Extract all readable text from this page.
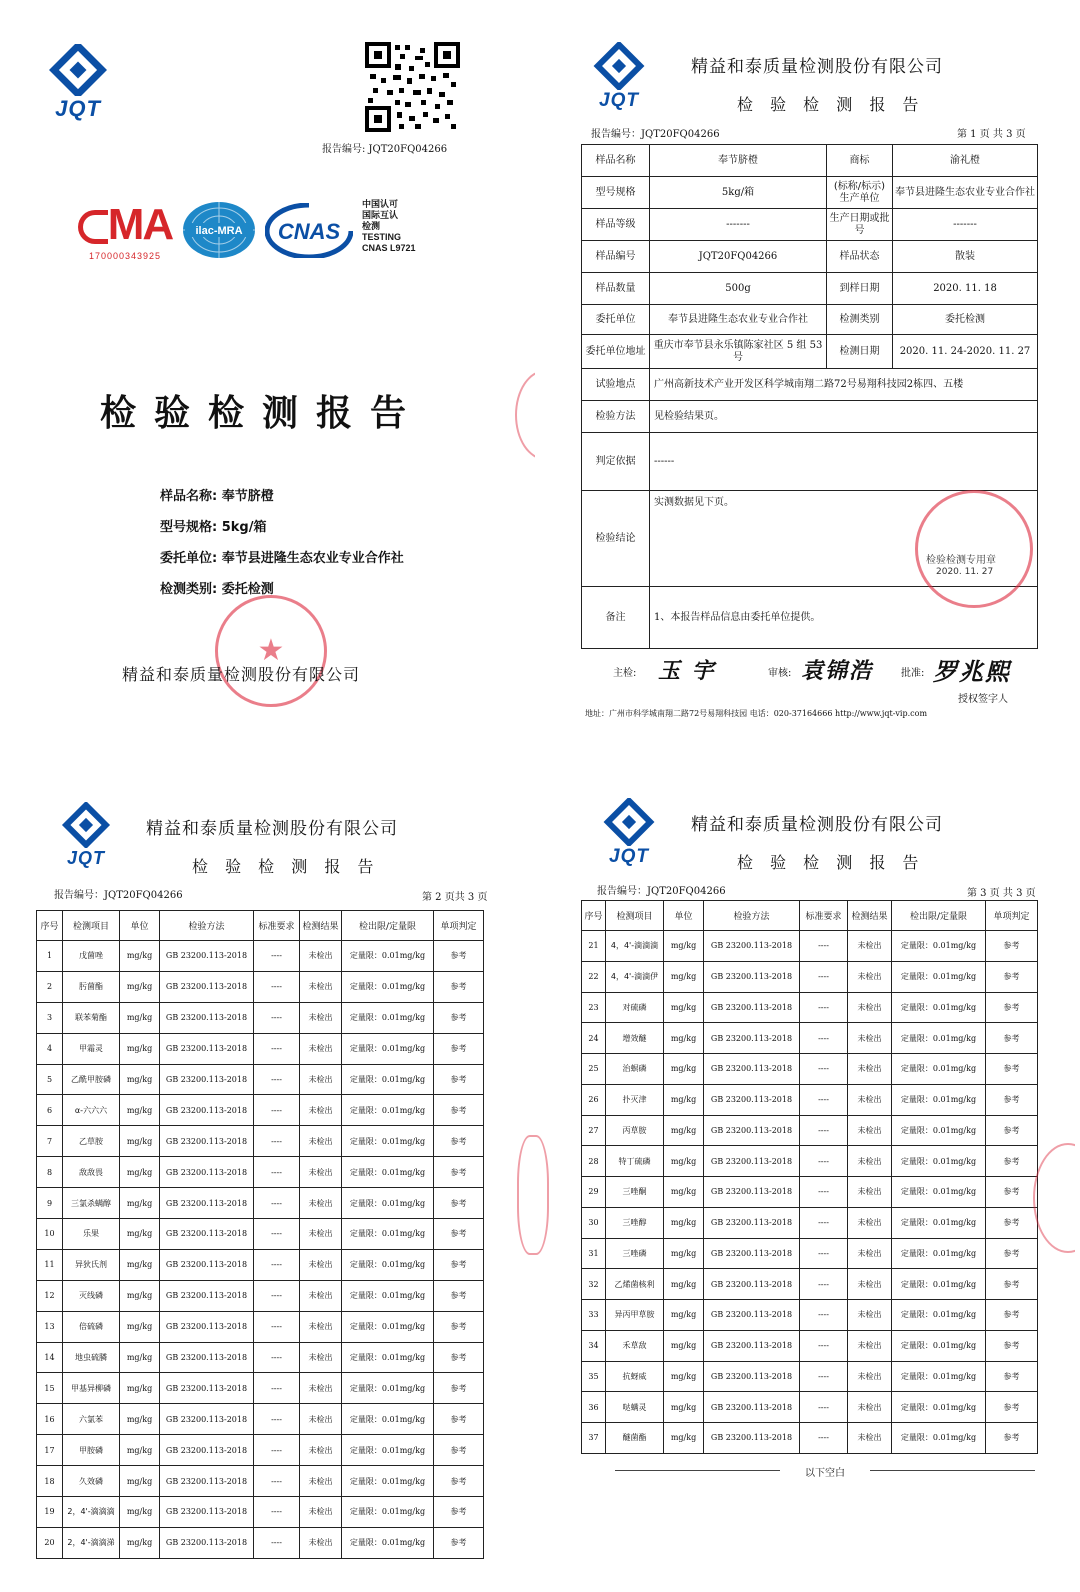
JQT
报告编号: JQT20FQ04266
MA
170000343925
ilac-MRA CNAS
中国认可
国际互认
检测
TESTING
CNAS L9721
检验检测报告
样品名称: 奉节脐橙
型号规格: 5kg/箱
委托单位: 奉节县进隆生态农业专业合作社
检测类别: 委托检测
★
精益和泰质量检测股份有限公司
JQT
精益和泰质量检测股份有限公司
检 验 检 测 报 告
报告编号：JQT20FQ04266	第 1 页 共 3 页
样品名称	奉节脐橙	商标	渝礼橙
型号规格	5kg/箱	(标称/标示)生产单位	奉节县进隆生态农业专业合作社
样品等级	-------	生产日期或批号	-------
样品编号	JQT20FQ04266	样品状态	散装
样品数量	500g	到样日期	2020. 11. 18
委托单位	奉节县进隆生态农业专业合作社	检测类别	委托检测
委托单位地址	重庆市奉节县永乐镇陈家社区 5 组 53 号	检测日期	2020. 11. 24-2020. 11. 27
试验地点	广州高新技术产业开发区科学城南翔二路72号易翔科技园2栋四、五楼		
检验方法	见检验结果页。		
判定依据	------		
检验结论	实测数据见下页。		
备注	1、本报告样品信息由委托单位提供。		
检验检测专用章
2020. 11. 27
主检: 玉 宇	审核: 袁锦浩	批准: 罗兆熙
授权签字人
地址：广州市科学城南翔二路72号易翔科技园 电话：020-37164666 http://www.jqt-vip.com
JQT
精益和泰质量检测股份有限公司
检 验 检 测 报 告
报告编号：JQT20FQ04266	第 2 页共 3 页
序号	检测项目	单位	检验方法	标准要求	检测结果	检出限/定量限	单项判定
1	戊菌唑	mg/kg	GB 23200.113-2018	----	未检出	定量限：0.01mg/kg	参考
2	肟菌酯	mg/kg	GB 23200.113-2018	----	未检出	定量限：0.01mg/kg	参考
3	联苯菊酯	mg/kg	GB 23200.113-2018	----	未检出	定量限：0.01mg/kg	参考
4	甲霜灵	mg/kg	GB 23200.113-2018	----	未检出	定量限：0.01mg/kg	参考
5	乙酰甲胺磷	mg/kg	GB 23200.113-2018	----	未检出	定量限：0.01mg/kg	参考
6	α-六六六	mg/kg	GB 23200.113-2018	----	未检出	定量限：0.01mg/kg	参考
7	乙草胺	mg/kg	GB 23200.113-2018	----	未检出	定量限：0.01mg/kg	参考
8	敌敌畏	mg/kg	GB 23200.113-2018	----	未检出	定量限：0.01mg/kg	参考
9	三氯杀螨醇	mg/kg	GB 23200.113-2018	----	未检出	定量限：0.01mg/kg	参考
10	乐果	mg/kg	GB 23200.113-2018	----	未检出	定量限：0.01mg/kg	参考
11	异狄氏剂	mg/kg	GB 23200.113-2018	----	未检出	定量限：0.01mg/kg	参考
12	灭线磷	mg/kg	GB 23200.113-2018	----	未检出	定量限：0.01mg/kg	参考
13	倍硫磷	mg/kg	GB 23200.113-2018	----	未检出	定量限：0.01mg/kg	参考
14	地虫硫膦	mg/kg	GB 23200.113-2018	----	未检出	定量限：0.01mg/kg	参考
15	甲基异柳磷	mg/kg	GB 23200.113-2018	----	未检出	定量限：0.01mg/kg	参考
16	六氯苯	mg/kg	GB 23200.113-2018	----	未检出	定量限：0.01mg/kg	参考
17	甲胺磷	mg/kg	GB 23200.113-2018	----	未检出	定量限：0.01mg/kg	参考
18	久效磷	mg/kg	GB 23200.113-2018	----	未检出	定量限：0.01mg/kg	参考
19	2，4'-滴滴滴	mg/kg	GB 23200.113-2018	----	未检出	定量限：0.01mg/kg	参考
20	2，4'-滴滴涕	mg/kg	GB 23200.113-2018	----	未检出	定量限：0.01mg/kg	参考
JQT
精益和泰质量检测股份有限公司
检 验 检 测 报 告
报告编号：JQT20FQ04266	第 3 页 共 3 页
序号	检测项目	单位	检验方法	标准要求	检测结果	检出限/定量限	单项判定
21	4，4'-滴滴滴	mg/kg	GB 23200.113-2018	----	未检出	定量限：0.01mg/kg	参考
22	4，4'-滴滴伊	mg/kg	GB 23200.113-2018	----	未检出	定量限：0.01mg/kg	参考
23	对硫磷	mg/kg	GB 23200.113-2018	----	未检出	定量限：0.01mg/kg	参考
24	增效醚	mg/kg	GB 23200.113-2018	----	未检出	定量限：0.01mg/kg	参考
25	治螟磷	mg/kg	GB 23200.113-2018	----	未检出	定量限：0.01mg/kg	参考
26	扑灭津	mg/kg	GB 23200.113-2018	----	未检出	定量限：0.01mg/kg	参考
27	丙草胺	mg/kg	GB 23200.113-2018	----	未检出	定量限：0.01mg/kg	参考
28	特丁硫磷	mg/kg	GB 23200.113-2018	----	未检出	定量限：0.01mg/kg	参考
29	三唑酮	mg/kg	GB 23200.113-2018	----	未检出	定量限：0.01mg/kg	参考
30	三唑醇	mg/kg	GB 23200.113-2018	----	未检出	定量限：0.01mg/kg	参考
31	三唑磷	mg/kg	GB 23200.113-2018	----	未检出	定量限：0.01mg/kg	参考
32	乙烯菌核利	mg/kg	GB 23200.113-2018	----	未检出	定量限：0.01mg/kg	参考
33	异丙甲草胺	mg/kg	GB 23200.113-2018	----	未检出	定量限：0.01mg/kg	参考
34	禾草敌	mg/kg	GB 23200.113-2018	----	未检出	定量限：0.01mg/kg	参考
35	抗蚜威	mg/kg	GB 23200.113-2018	----	未检出	定量限：0.01mg/kg	参考
36	哒螨灵	mg/kg	GB 23200.113-2018	----	未检出	定量限：0.01mg/kg	参考
37	醚菌酯	mg/kg	GB 23200.113-2018	----	未检出	定量限：0.01mg/kg	参考
以下空白
